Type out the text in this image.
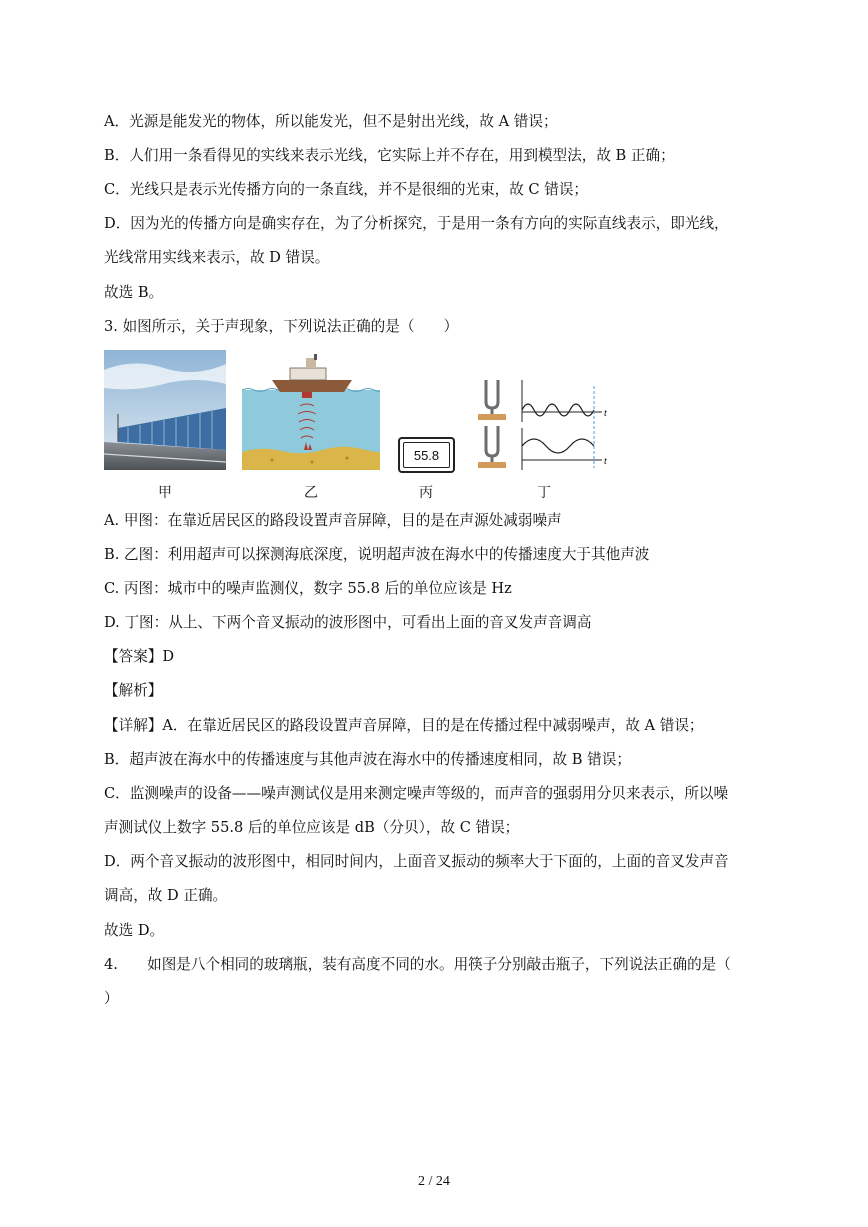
A．光源是能发光的物体，所以能发光，但不是射出光线，故 A 错误；
B．人们用一条看得见的实线来表示光线，它实际上并不存在，用到模型法，故 B 正确；
C．光线只是表示光传播方向的一条直线，并不是很细的光束，故 C 错误；
D．因为光的传播方向是确实存在，为了分析探究，于是用一条有方向的实际直线表示，即光线，
光线常用实线来表示，故 D 错误。
故选 B。
3. 如图所示，关于声现象，下列说法正确的是（　　）
55.8
t
t
甲	乙	丙	丁
A. 甲图：在靠近居民区的路段设置声音屏障，目的是在声源处减弱噪声
B. 乙图：利用超声可以探测海底深度，说明超声波在海水中的传播速度大于其他声波
C. 丙图：城市中的噪声监测仪，数字 55.8 后的单位应该是 Hz
D. 丁图：从上、下两个音叉振动的波形图中，可看出上面的音叉发声音调高
【答案】D
【解析】
【详解】A．在靠近居民区的路段设置声音屏障，目的是在传播过程中减弱噪声，故 A 错误；
B．超声波在海水中的传播速度与其他声波在海水中的传播速度相同，故 B 错误；
C．监测噪声的设备——噪声测试仪是用来测定噪声等级的，而声音的强弱用分贝来表示，所以噪
声测试仪上数字 55.8 后的单位应该是 dB（分贝），故 C 错误；
D．两个音叉振动的波形图中，相同时间内，上面音叉振动的频率大于下面的，上面的音叉发声音
调高，故 D 正确。
故选 D。
4.　　如图是八个相同的玻璃瓶，装有高度不同的水。用筷子分别敲击瓶子，下列说法正确的是（
）
2 / 24
